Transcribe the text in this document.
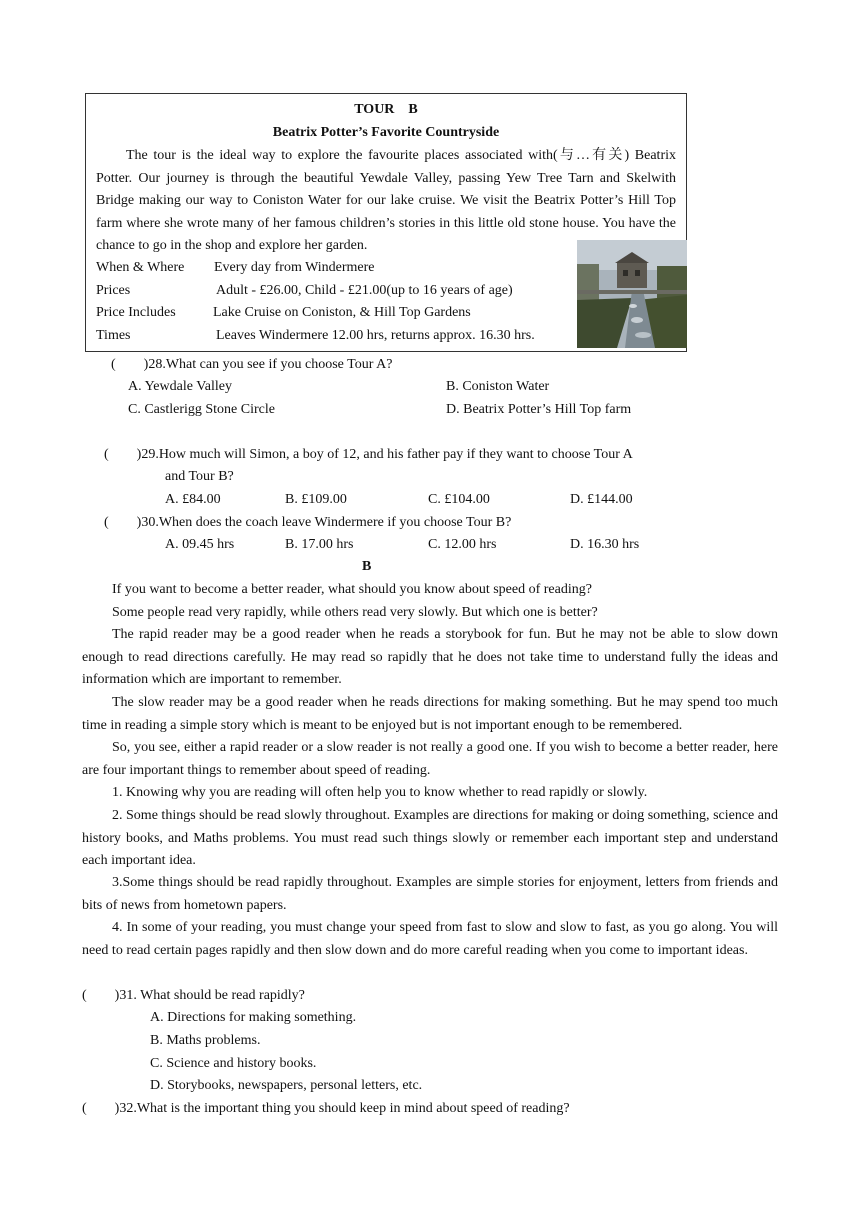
TOUR    B
Beatrix Potter’s Favorite Countryside
The tour is the ideal way to explore the favourite places associated with(与…有关) Beatrix Potter. Our journey is through the beautiful Yewdale Valley, passing Yew Tree Tarn and Skelwith Bridge making our way to Coniston Water for our lake cruise. We visit the Beatrix Potter’s Hill Top farm where she wrote many of her famous children’s stories in this little old stone house. You have the chance to go in the shop and explore her garden.
When & Where Every day from Windermere
Prices	Adult - £26.00, Child - £21.00(up to 16 years of age)
Price Includes	Lake Cruise on Coniston, & Hill Top Gardens
Times	Leaves Windermere 12.00 hrs, returns approx. 16.30 hrs.
(        )28.What can you see if you choose Tour A?
A. Yewdale Valley	B. Coniston Water
C. Castlerigg Stone Circle	D. Beatrix Potter’s Hill Top farm
(        )29.How much will Simon, a boy of 12, and his father pay if they want to choose Tour A
and Tour B?
A. £84.00	B. £109.00	C. £104.00	D. £144.00
(        )30.When does the coach leave Windermere if you choose Tour B?
A. 09.45 hrs	B. 17.00 hrs	C. 12.00 hrs	D. 16.30 hrs
B
If you want to become a better reader, what should you know about speed of reading?
Some people read very rapidly, while others read very slowly. But which one is better?
The rapid reader may be a good reader when he reads a storybook for fun. But he may not be able to slow down enough to read directions carefully. He may read so rapidly that he does not take time to understand fully the ideas and information which are important to remember.
The slow reader may be a good reader when he reads directions for making something. But he may spend too much time in reading a simple story which is meant to be enjoyed but is not important enough to be remembered.
So, you see, either a rapid reader or a slow reader is not really a good one. If you wish to become a better reader, here are four important things to remember about speed of reading.
1. Knowing why you are reading will often help you to know whether to read rapidly or slowly.
2. Some things should be read slowly throughout. Examples are directions for making or doing something, science and history books, and Maths problems. You must read such things slowly or remember each important step and understand each important idea.
3.Some things should be read rapidly throughout. Examples are simple stories for enjoyment, letters from friends and bits of news from hometown papers.
4. In some of your reading, you must change your speed from fast to slow and slow to fast, as you go along. You will need to read certain pages rapidly and then slow down and do more careful reading when you come to important ideas.
(        )31. What should be read rapidly?
A. Directions for making something.
B. Maths problems.
C. Science and history books.
D. Storybooks, newspapers, personal letters, etc.
(        )32.What is the important thing you should keep in mind about speed of reading?
